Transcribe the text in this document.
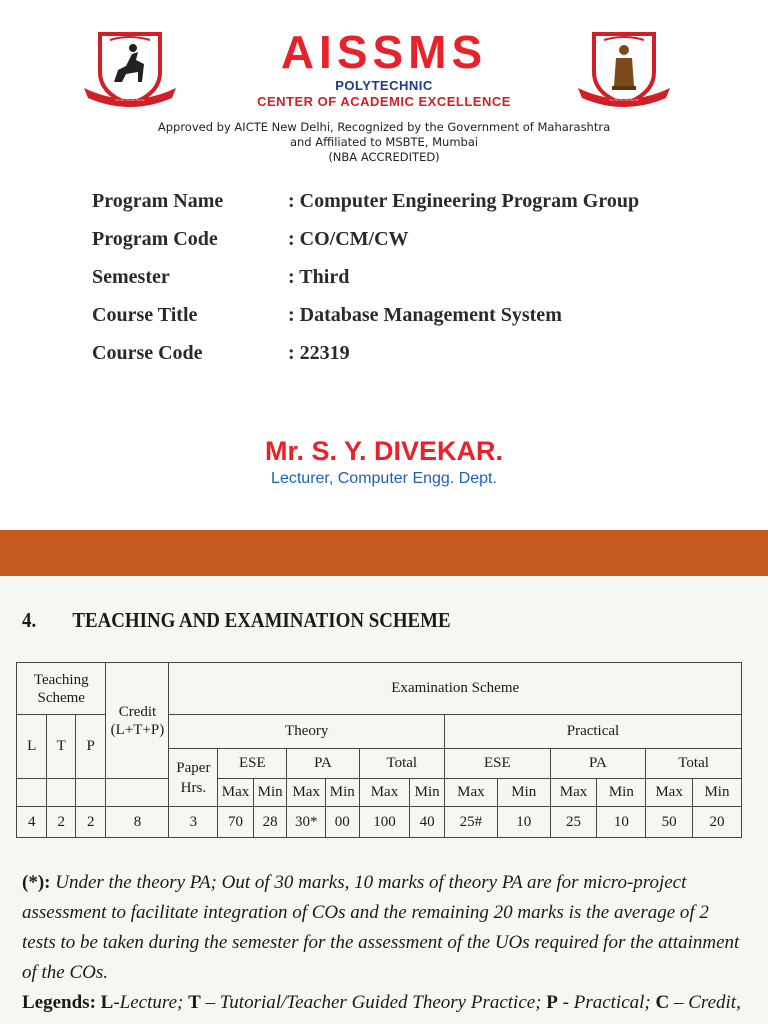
~~~~~~
AISSMS
POLYTECHNIC
CENTER OF ACADEMIC EXCELLENCE	~~~~~~
Approved by AICTE New Delhi, Recognized by the Government of Maharashtra
and Affiliated to MSBTE, Mumbai
(NBA ACCREDITED)
Program Name	: Computer Engineering Program Group
Program Code	: CO/CM/CW
Semester	: Third
Course Title	: Database Management System
Course Code	: 22319
Mr. S. Y. DIVEKAR.
Lecturer, Computer Engg. Dept.
4. TEACHING AND EXAMINATION SCHEME
Teaching Scheme			Credit (L+T+P)	Examination Scheme												
L	T	P		Theory							Practical					
				Paper Hrs.	ESE		PA		Total		ESE		PA		Total	
					Max	Min	Max	Min	Max	Min	Max	Min	Max	Min	Max	Min
4	2	2	8	3	70	28	30*	00	100	40	25#	10	25	10	50	20
(*): Under the theory PA; Out of 30 marks, 10 marks of theory PA are for micro-project assessment to facilitate integration of COs and the remaining 20 marks is the average of 2 tests to be taken during the semester for the assessment of the UOs required for the attainment of the COs.
Legends: L-Lecture; T – Tutorial/Teacher Guided Theory Practice; P - Practical; C – Credit,
